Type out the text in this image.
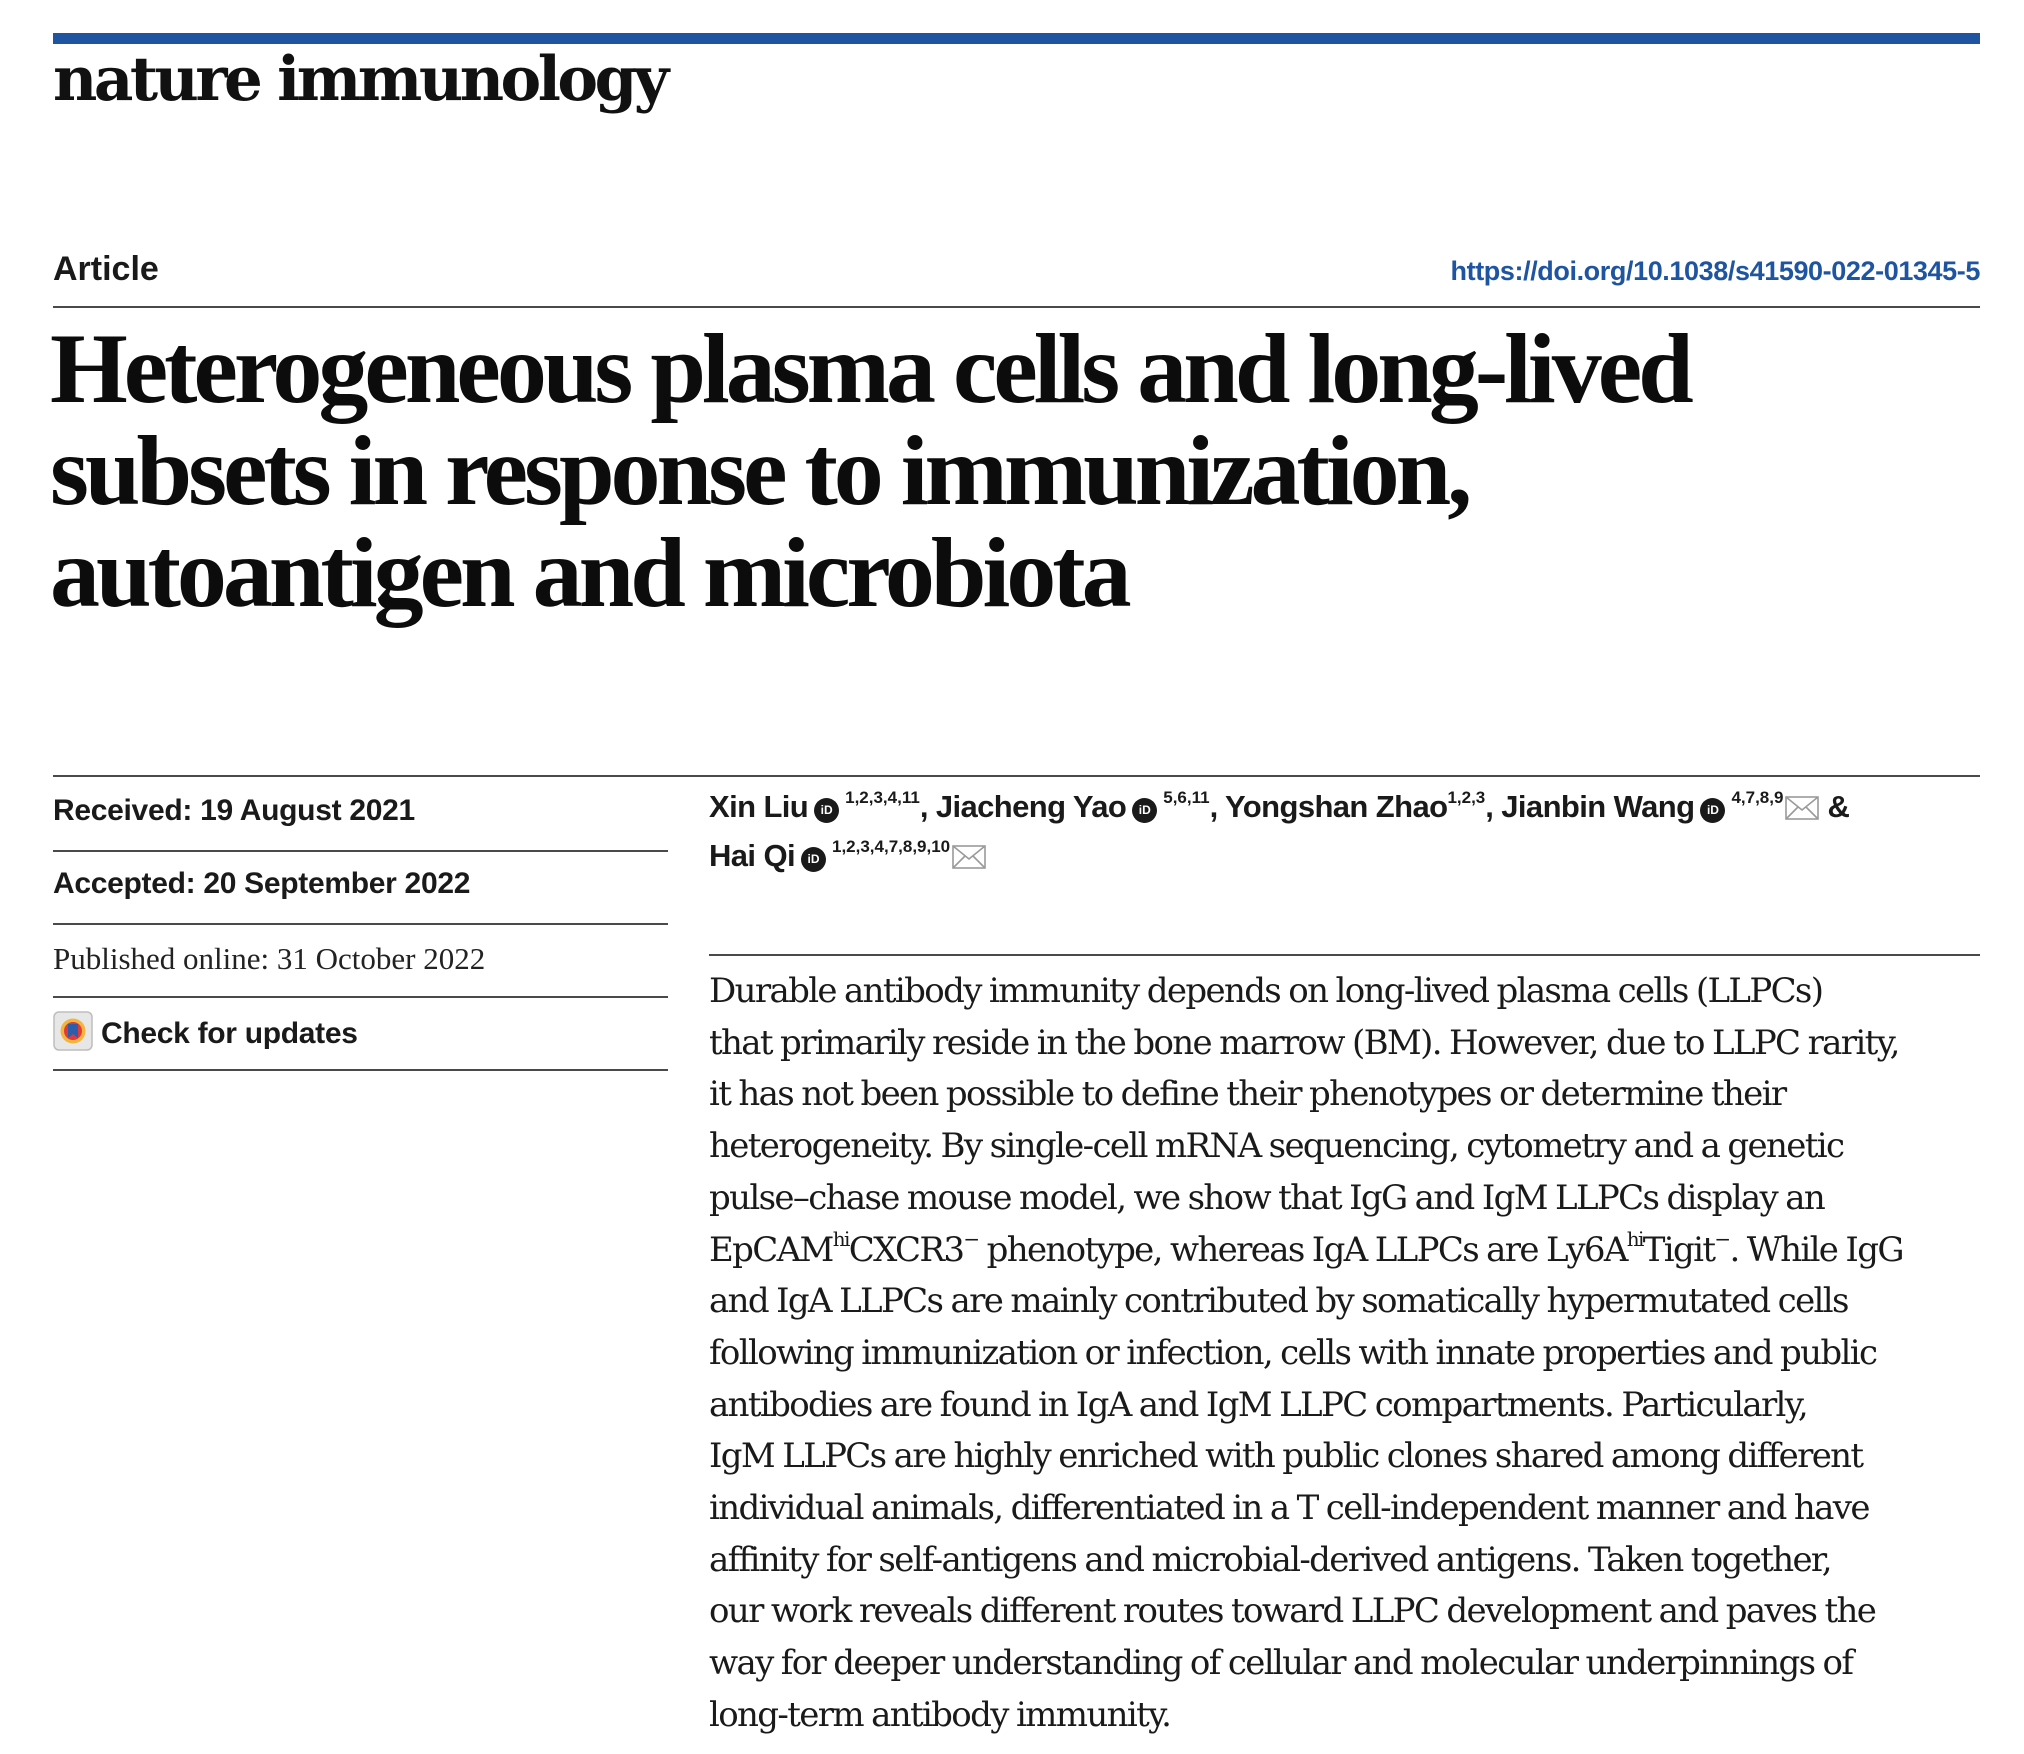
nature immunology
Article	https://doi.org/10.1038/s41590-022-01345-5
Heterogeneous plasma cells and long-lived
subsets in response to immunization,
autoantigen and microbiota
Received: 19 August 2021
Accepted: 20 September 2022
Published online: 31 October 2022
Check for updates
Xin Liu iD$^{1,2,3,4,11}$, Jiacheng Yao iD$^{5,6,11}$, Yongshan Zhao$^{1,2,3}$, Jianbin Wang iD$^{4,7,8,9}$ &
Hai Qi iD$^{1,2,3,4,7,8,9,10}$

Durable antibody immunity depends on long-lived plasma cells (LLPCs)
that primarily reside in the bone marrow (BM). However, due to LLPC rarity,
it has not been possible to define their phenotypes or determine their
heterogeneity. By single-cell mRNA sequencing, cytometry and a genetic
pulse–chase mouse model, we show that IgG and IgM LLPCs display an
EpCAM$^{hi}$CXCR3− phenotype, whereas IgA LLPCs are $Ly6A^{hi}Tigit^-$. While IgG
and IgA LLPCs are mainly contributed by somatically hypermutated cells
following immunization or infection, cells with innate properties and public
antibodies are found in IgA and IgM LLPC compartments. Particularly,
IgM LLPCs are highly enriched with public clones shared among different
individual animals, differentiated in a T cell-independent manner and have
affinity for self-antigens and microbial-derived antigens. Taken together,
our work reveals different routes toward LLPC development and paves the
way for deeper understanding of cellular and molecular underpinnings of
long-term antibody immunity.
